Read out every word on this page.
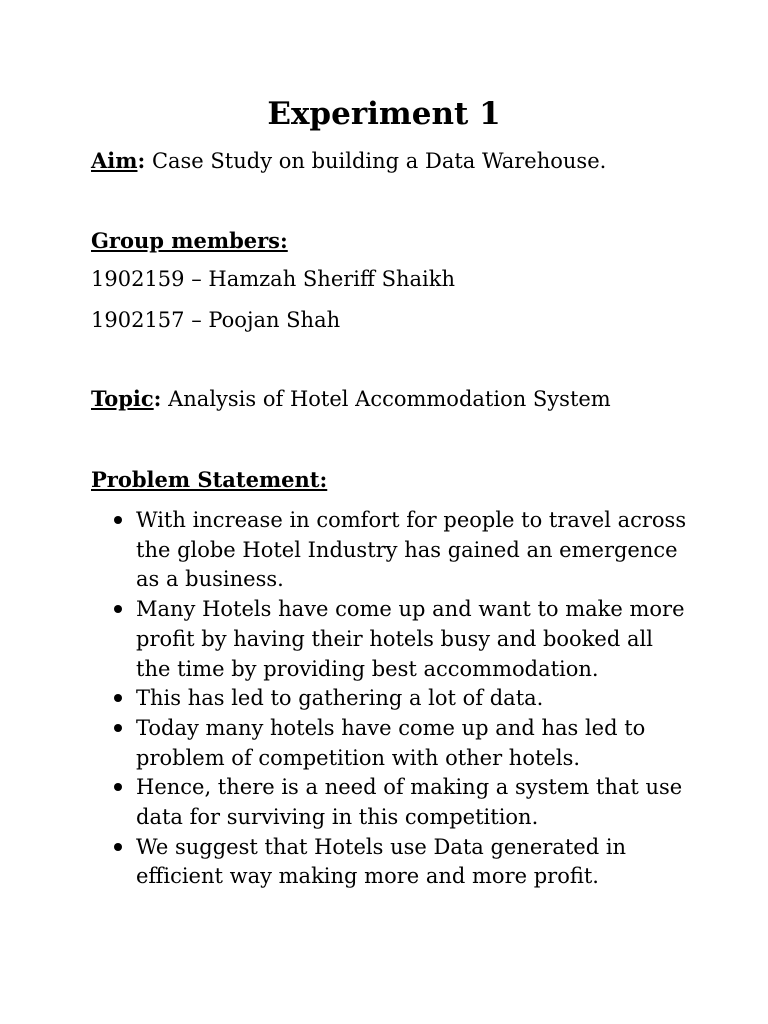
Experiment 1

Aim: Case Study on building a Data Warehouse.

Group members:

1902159 – Hamzah Sheriff Shaikh

1902157 – Poojan Shah

Topic: Analysis of Hotel Accommodation System

Problem Statement:

With increase in comfort for people to travel across the globe Hotel Industry has gained an emergence as a business.
Many Hotels have come up and want to make more profit by having their hotels busy and booked all the time by providing best accommodation.
This has led to gathering a lot of data.
Today many hotels have come up and has led to problem of competition with other hotels.
Hence, there is a need of making a system that use data for surviving in this competition.
We suggest that Hotels use Data generated in efficient way making more and more profit.
